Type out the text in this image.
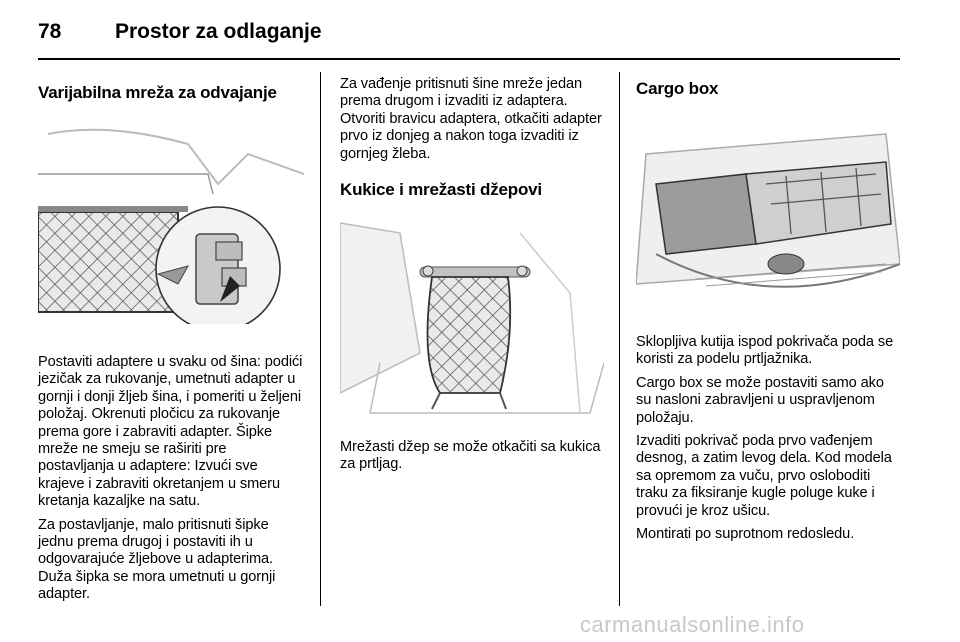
78	Prostor za odlaganje
Varijabilna mreža za odvajanje

Postaviti adaptere u svaku od šina: podići jezičak za rukovanje, umetnuti adapter u gornji i donji žljeb šina, i pomeriti u željeni položaj. Okrenuti pločicu za rukovanje prema gore i zabraviti adapter. Šipke mreže ne smeju se raširiti pre postavljanja u adaptere: Izvući sve krajeve i zabraviti okretanjem u smeru kretanja kazaljke na satu.

Za postavljanje, malo pritisnuti šipke jednu prema drugoj i postaviti ih u odgovarajuće žljebove u adapterima. Duža šipka se mora umetnuti u gornji adapter.

Za vađenje pritisnuti šine mreže jedan prema drugom i izvaditi iz adaptera. Otvoriti bravicu adaptera, otkačiti adapter prvo iz donjeg a nakon toga izvaditi iz gornjeg žleba.

Kukice i mrežasti džepovi

Mrežasti džep se može otkačiti sa kukica za prtljag.

Cargo box

Sklopljiva kutija ispod pokrivača poda se koristi za podelu prtljažnika.

Cargo box se može postaviti samo ako su nasloni zabravljeni u uspravljenom položaju.

Izvaditi pokrivač poda prvo vađenjem desnog, a zatim levog dela. Kod modela sa opremom za vuču, prvo osloboditi traku za fiksiranje kugle poluge kuke i provući je kroz ušicu.

Montirati po suprotnom redosledu.

carmanualsonline.info
